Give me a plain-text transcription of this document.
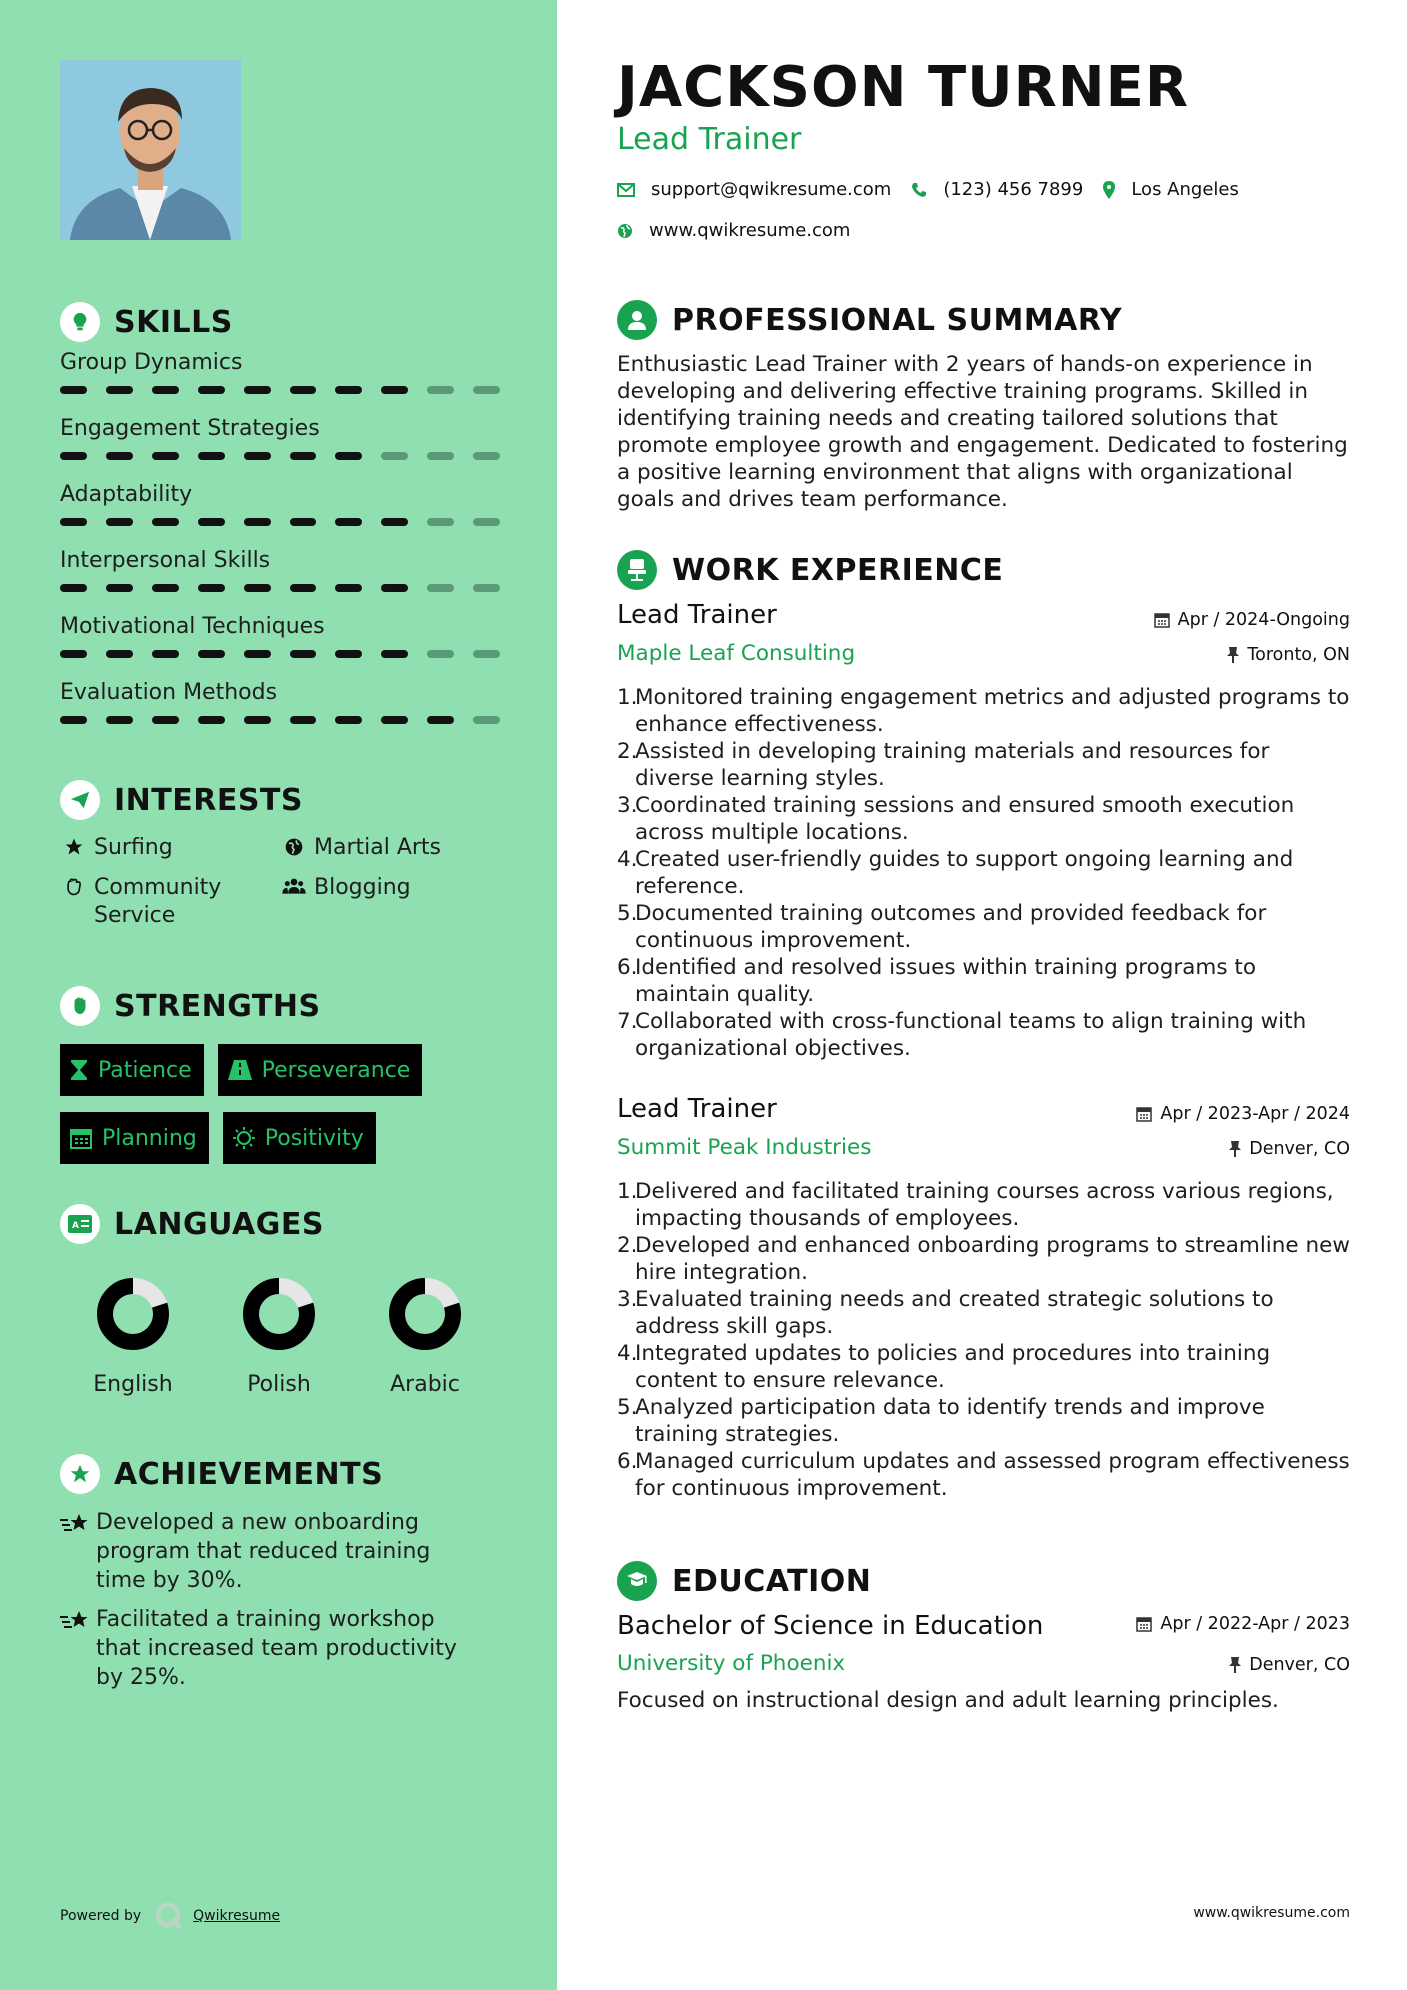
SKILLS
Group Dynamics
Engagement Strategies
Adaptability
Interpersonal Skills
Motivational Techniques
Evaluation Methods
INTERESTS
Surfing	Martial Arts
Community Service
Blogging
STRENGTHS
Patience	Perseverance
Planning	Positivity
A LANGUAGES
English	Polish	Arabic
ACHIEVEMENTS
Developed a new onboarding program that reduced training time by 30%.
Facilitated a training workshop that increased team productivity by 25%.
Powered by	Qwikresume
JACKSON TURNER
Lead Trainer
support@qwikresume.com	(123) 456 7899	Los Angeles
www.qwikresume.com
PROFESSIONAL SUMMARY

Enthusiastic Lead Trainer with 2 years of hands-on experience in developing and delivering effective training programs. Skilled in identifying training needs and creating tailored solutions that promote employee growth and engagement. Dedicated to fostering a positive learning environment that aligns with organizational goals and drives team performance.

WORK EXPERIENCE
Lead Trainer	Apr / 2024-Ongoing
Maple Leaf Consulting	Toronto, ON
1.
Monitored training engagement metrics and adjusted programs to enhance effectiveness.
2.
Assisted in developing training materials and resources for diverse learning styles.
3.
Coordinated training sessions and ensured smooth execution across multiple locations.
4.
Created user-friendly guides to support ongoing learning and reference.
5.
Documented training outcomes and provided feedback for continuous improvement.
6.
Identified and resolved issues within training programs to maintain quality.
7.
Collaborated with cross-functional teams to align training with organizational objectives.
Lead Trainer	Apr / 2023-Apr / 2024
Summit Peak Industries	Denver, CO
1.
Delivered and facilitated training courses across various regions, impacting thousands of employees.
2.
Developed and enhanced onboarding programs to streamline new hire integration.
3.
Evaluated training needs and created strategic solutions to address skill gaps.
4.
Integrated updates to policies and procedures into training content to ensure relevance.
5.
Analyzed participation data to identify trends and improve training strategies.
6.
Managed curriculum updates and assessed program effectiveness for continuous improvement.
EDUCATION
Bachelor of Science in Education	Apr / 2022-Apr / 2023
University of Phoenix	Denver, CO
Focused on instructional design and adult learning principles.
www.qwikresume.com
